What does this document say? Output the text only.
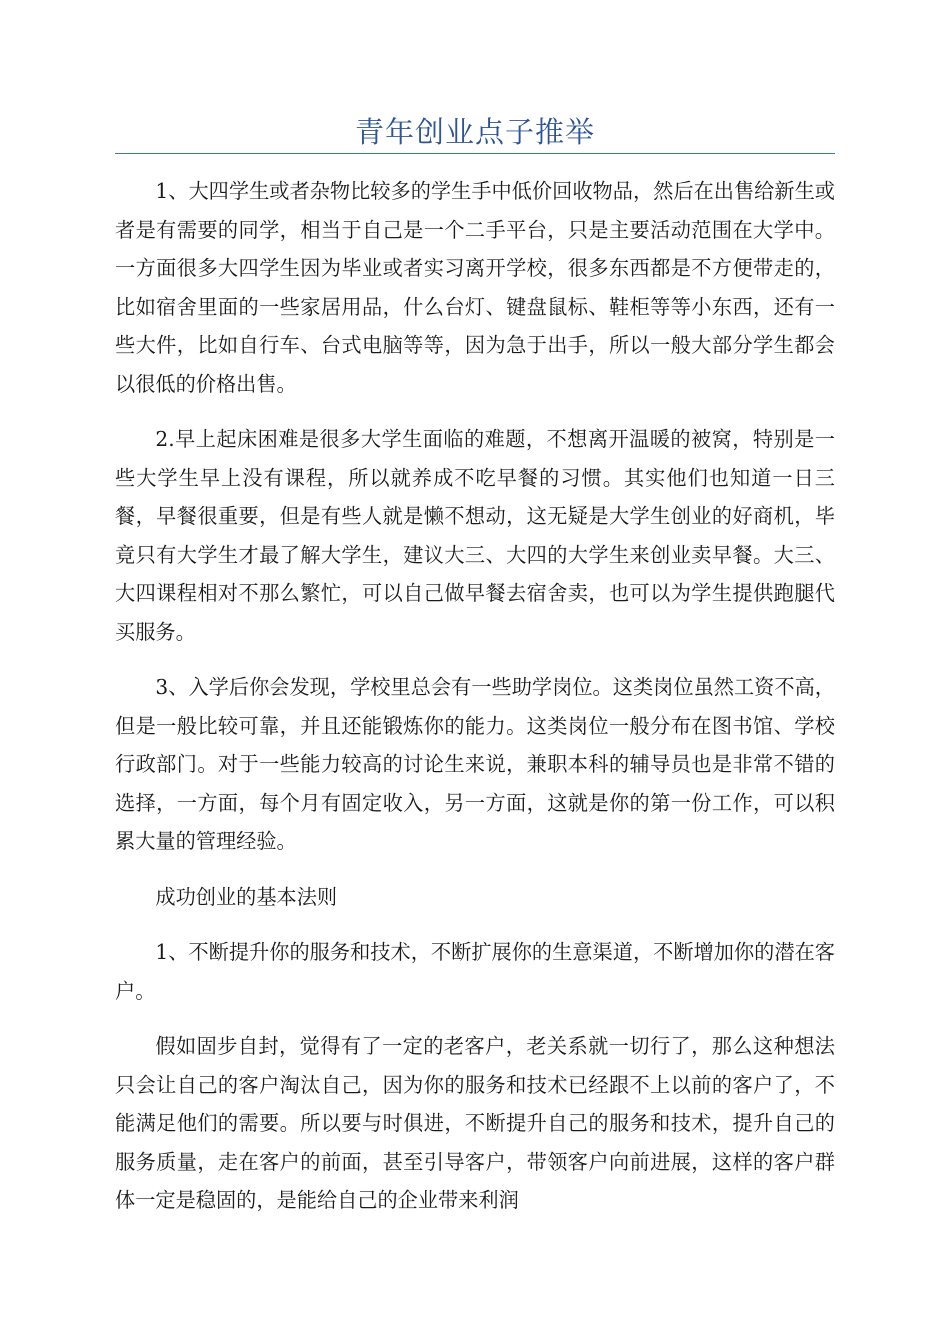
青年创业点子推举

1、大四学生或者杂物比较多的学生手中低价回收物品，然后在出售给新生或者是有需要的同学，相当于自己是一个二手平台，只是主要活动范围在大学中。一方面很多大四学生因为毕业或者实习离开学校，很多东西都是不方便带走的，比如宿舍里面的一些家居用品，什么台灯、键盘鼠标、鞋柜等等小东西，还有一些大件，比如自行车、台式电脑等等，因为急于出手，所以一般大部分学生都会以很低的价格出售。

2.早上起床困难是很多大学生面临的难题，不想离开温暖的被窝，特别是一些大学生早上没有课程，所以就养成不吃早餐的习惯。其实他们也知道一日三餐，早餐很重要，但是有些人就是懒不想动，这无疑是大学生创业的好商机，毕竟只有大学生才最了解大学生，建议大三、大四的大学生来创业卖早餐。大三、大四课程相对不那么繁忙，可以自己做早餐去宿舍卖，也可以为学生提供跑腿代买服务。

3、入学后你会发现，学校里总会有一些助学岗位。这类岗位虽然工资不高，但是一般比较可靠，并且还能锻炼你的能力。这类岗位一般分布在图书馆、学校行政部门。对于一些能力较高的讨论生来说，兼职本科的辅导员也是非常不错的选择，一方面，每个月有固定收入，另一方面，这就是你的第一份工作，可以积累大量的管理经验。

成功创业的基本法则

1、不断提升你的服务和技术，不断扩展你的生意渠道，不断增加你的潜在客户。

假如固步自封，觉得有了一定的老客户，老关系就一切行了，那么这种想法只会让自己的客户淘汰自己，因为你的服务和技术已经跟不上以前的客户了，不能满足他们的需要。所以要与时俱进，不断提升自己的服务和技术，提升自己的服务质量，走在客户的前面，甚至引导客户，带领客户向前进展，这样的客户群体一定是稳固的，是能给自己的企业带来利润
